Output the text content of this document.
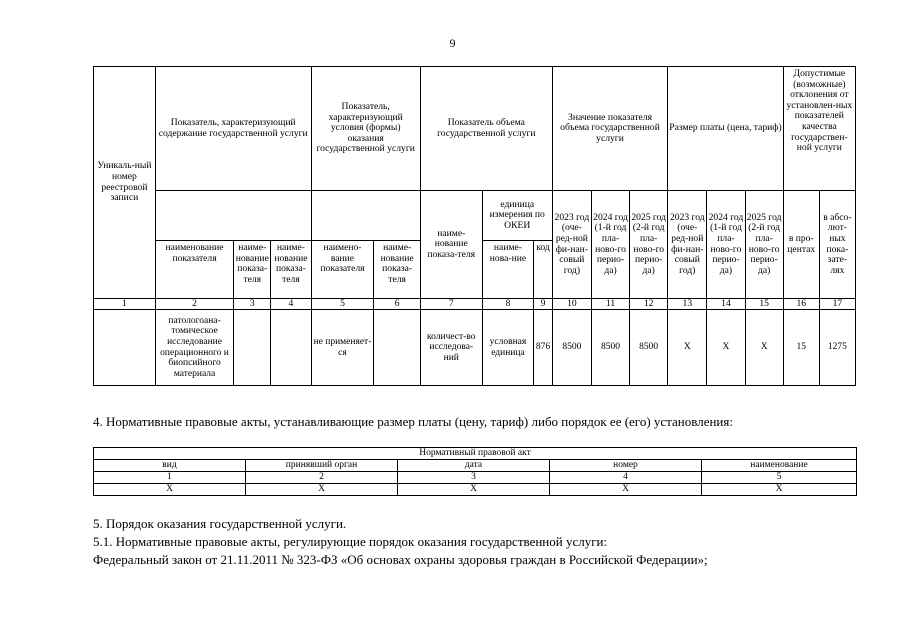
9
Уникаль-ный номер реестровой записи	Показатель, характеризующий содержание государственной услуги			Показатель, характеризующий условия (формы) оказания государственной услуги		Показатель объема государственной услуги			Значение показателя объема государственной услуги			Размер платы (цена, тариф)			Допустимые (возможные) отклонения от установлен-ных показателей качества государствен-ной услуги	
						наиме-нование показа-теля	единица измерения по ОКЕИ		2023 год (оче-ред-ной фи-нан-совый год)	2024 год (1-й год пла-ново-го перио-да)	2025 год (2-й год пла-ново-го перио-да)	2023 год (оче-ред-ной фи-нан-совый год)	2024 год (1-й год пла-ново-го перио-да)	2025 год (2-й год пла-ново-го перио-да)	в про-центах	в абсо-лют-ных пока-зате-лях
	наименование показателя	наиме-нование показа-теля	наиме-нование показа-теля	наимено-вание показателя	наиме-нование показа-теля		наиме-нова-ние	код								
1	2	3	4	5	6	7	8	9	10	11	12	13	14	15	16	17
	патологоана-томическое исследование операционного и биопсийного материала			не применяет-ся		количест-во исследова-ний	условная единица	876	8500	8500	8500	X	X	X	15	1275
4. Нормативные правовые акты, устанавливающие размер платы (цену, тариф) либо порядок ее (его) установления:
Нормативный правовой акт				
вид	принявший орган	дата	номер	наименование
1	2	3	4	5
X	X	X	X	X
5. Порядок оказания государственной услуги.
5.1. Нормативные правовые акты, регулирующие порядок оказания государственной услуги:
Федеральный закон от 21.11.2011 № 323-ФЗ «Об основах охраны здоровья граждан в Российской Федерации»;
